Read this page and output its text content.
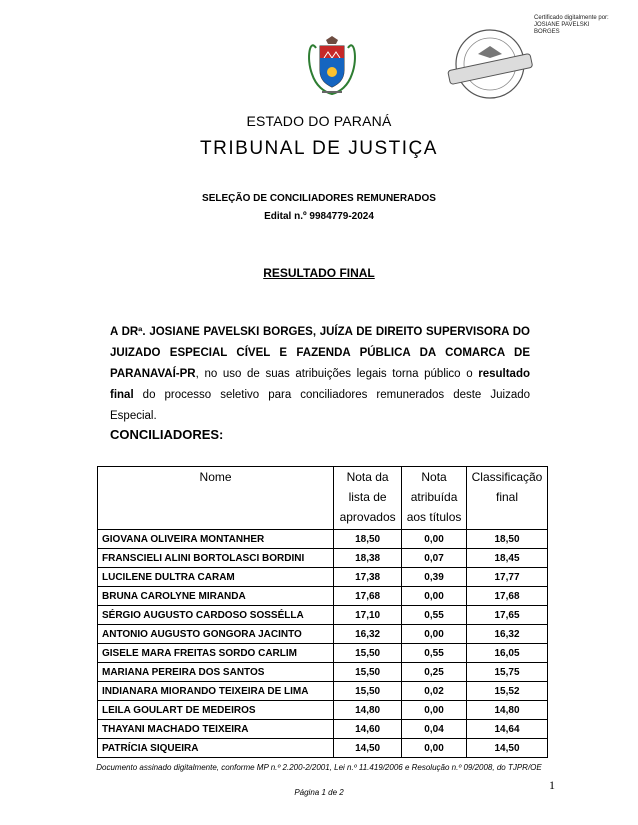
Certificado digitalmente por:
JOSIANE PAVELSKI
BORGES
ESTADO DO PARANÁ
TRIBUNAL DE JUSTIÇA
SELEÇÃO DE CONCILIADORES REMUNERADOS
Edital n.º 9984779-2024
RESULTADO FINAL
A DRª. JOSIANE PAVELSKI BORGES, JUÍZA DE DIREITO SUPERVISORA DO JUIZADO ESPECIAL CÍVEL E FAZENDA PÚBLICA DA COMARCA DE PARANAVAÍ-PR, no uso de suas atribuições legais torna público o resultado final do processo seletivo para conciliadores remunerados deste Juizado Especial.
CONCILIADORES:
Nome	Nota da lista de aprovados	Nota atribuída aos títulos	Classificação final
GIOVANA OLIVEIRA MONTANHER	18,50	0,00	18,50
FRANSCIELI ALINI BORTOLASCI BORDINI	18,38	0,07	18,45
LUCILENE DULTRA CARAM	17,38	0,39	17,77
BRUNA CAROLYNE MIRANDA	17,68	0,00	17,68
SÉRGIO AUGUSTO CARDOSO SOSSÉLLA	17,10	0,55	17,65
ANTONIO AUGUSTO GONGORA JACINTO	16,32	0,00	16,32
GISELE MARA FREITAS SORDO CARLIM	15,50	0,55	16,05
MARIANA PEREIRA DOS SANTOS	15,50	0,25	15,75
INDIANARA MIORANDO TEIXEIRA DE LIMA	15,50	0,02	15,52
LEILA GOULART DE MEDEIROS	14,80	0,00	14,80
THAYANI MACHADO TEIXEIRA	14,60	0,04	14,64
PATRÍCIA SIQUEIRA	14,50	0,00	14,50
Documento assinado digitalmente, conforme MP n.º 2.200-2/2001, Lei n.º 11.419/2006 e Resolução n.º 09/2008, do TJPR/OE
1
Página 1 de 2
